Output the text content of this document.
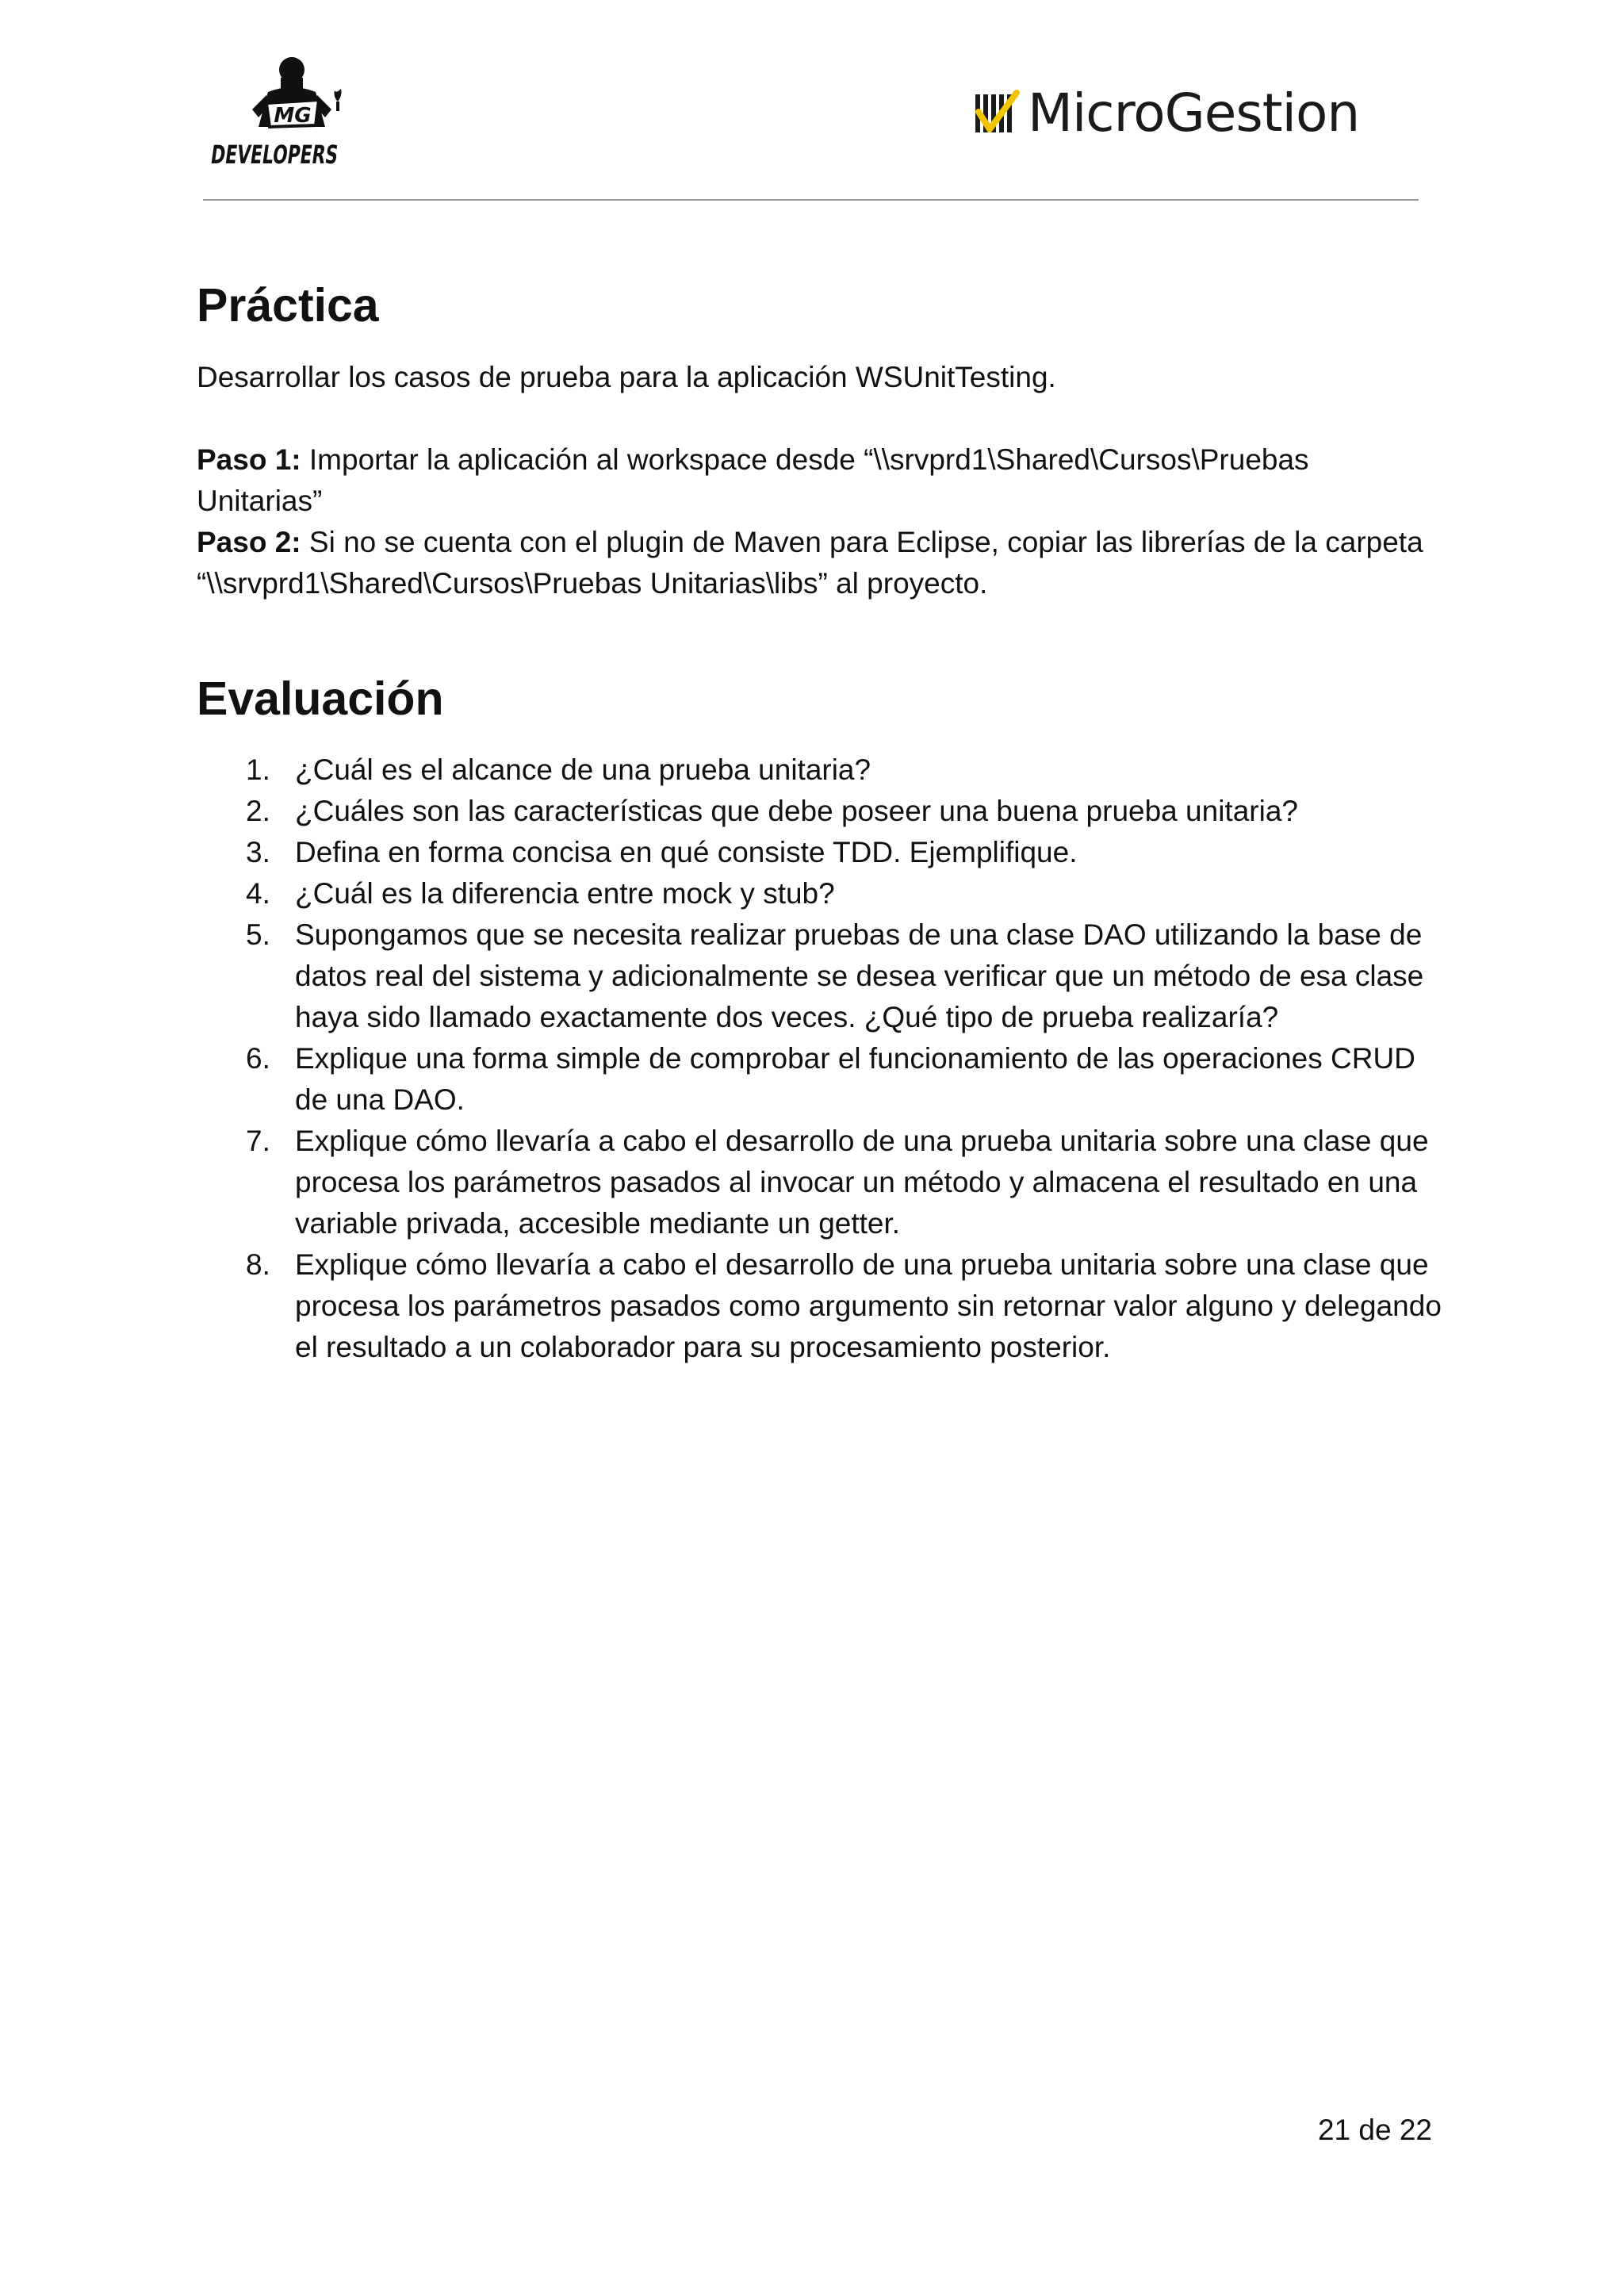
MG
DEVELOPERS
MicroGestion
Práctica

Desarrollar los casos de prueba para la aplicación WSUnitTesting.

Paso 1: Importar la aplicación al workspace desde “\\srvprd1\Shared\Cursos\Pruebas Unitarias”
Paso 2: Si no se cuenta con el plugin de Maven para Eclipse, copiar las librerías de la carpeta “\\srvprd1\Shared\Cursos\Pruebas Unitarias\libs” al proyecto.

Evaluación
1. ¿Cuál es el alcance de una prueba unitaria?
2. ¿Cuáles son las características que debe poseer una buena prueba unitaria?
3. Defina en forma concisa en qué consiste TDD. Ejemplifique.
4. ¿Cuál es la diferencia entre mock y stub?
5. Supongamos que se necesita realizar pruebas de una clase DAO utilizando la base de datos real del sistema y adicionalmente se desea verificar que un método de esa clase haya sido llamado exactamente dos veces. ¿Qué tipo de prueba realizaría?
6. Explique una forma simple de comprobar el funcionamiento de las operaciones CRUD de una DAO.
7. Explique cómo llevaría a cabo el desarrollo de una prueba unitaria sobre una clase que procesa los parámetros pasados al invocar un método y almacena el resultado en una variable privada, accesible mediante un getter.
8. Explique cómo llevaría a cabo el desarrollo de una prueba unitaria sobre una clase que procesa los parámetros pasados como argumento sin retornar valor alguno y delegando el resultado a un colaborador para su procesamiento posterior.
21 de 22
